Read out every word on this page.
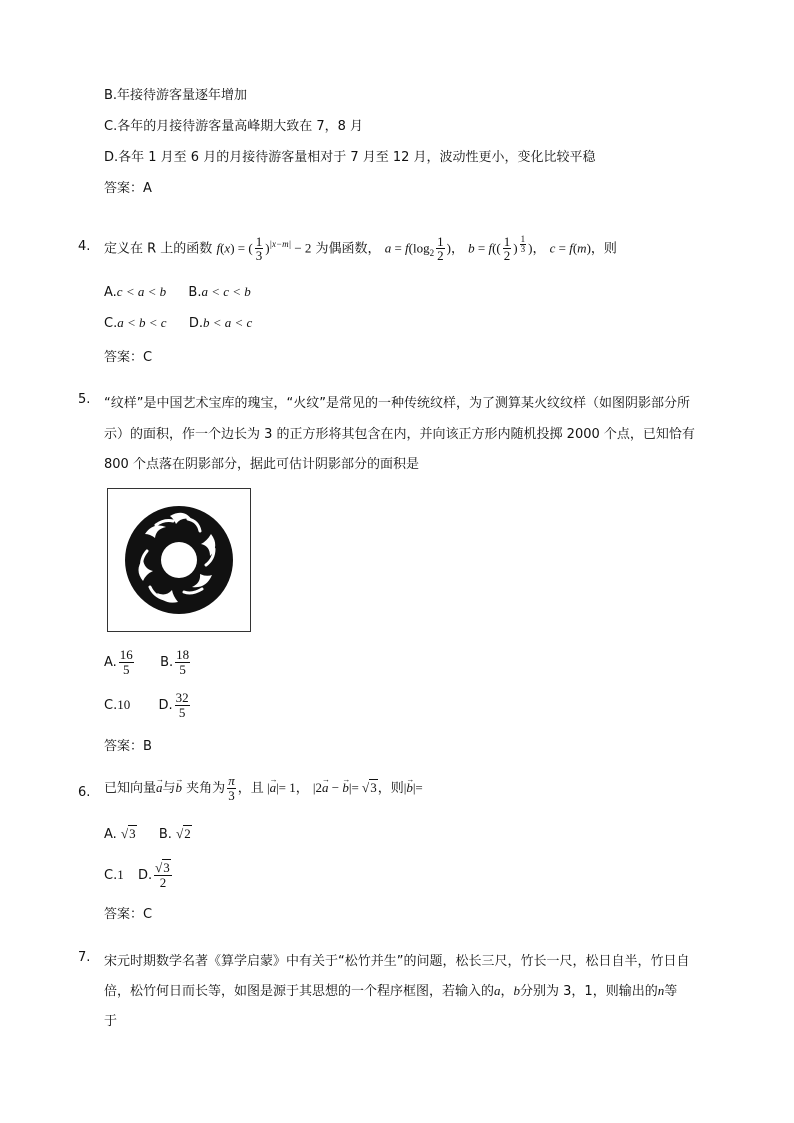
B.年接待游客量逐年增加
C.各年的月接待游客量高峰期大致在 7，8 月
D.各年 1 月至 6 月的月接待游客量相对于 7 月至 12 月，波动性更小，变化比较平稳
答案：A
4. 定义在 R 上的函数 f(x) = ( $\frac{1}{3} )^{|x-m|} - 2$ 为偶函数， $a = f(\log_2 \frac{1}{2}$ )， $b = f(( \frac{1}{2}$ ) $^{\frac{1}{3}}$ )， c = f(m)，则
A.c < a < b B.a < c < b
C.a < b < c D.b < a < c
答案：C
5. “纹样”是中国艺术宝库的瑰宝，“火纹”是常见的一种传统纹样，为了测算某火纹纹样（如图阴影部分所
示）的面积，作一个边长为 3 的正方形将其包含在内，并向该正方形内随机投掷 2000 个点，已知恰有
800 个点落在阴影部分，据此可估计阴影部分的面积是
A. $\frac{16}{5} B$. $\frac{18}{5}$
C.10 D. $\frac{32}{5}$
答案：B
6. 已知向量→ a与→ b 夹角为 $\frac{\pi}{3}$ ，且 |→ a|= 1， |2→ a − → b|= √3，则|→ b|=
A. √3 B. √2
C.1 D. $\frac{√3}{2}$
答案：C
7. 宋元时期数学名著《算学启蒙》中有关于“松竹并生”的问题，松长三尺，竹长一尺，松日自半，竹日自
倍，松竹何日而长等，如图是源于其思想的一个程序框图，若输入的a，b分别为 3，1，则输出的n等
于
